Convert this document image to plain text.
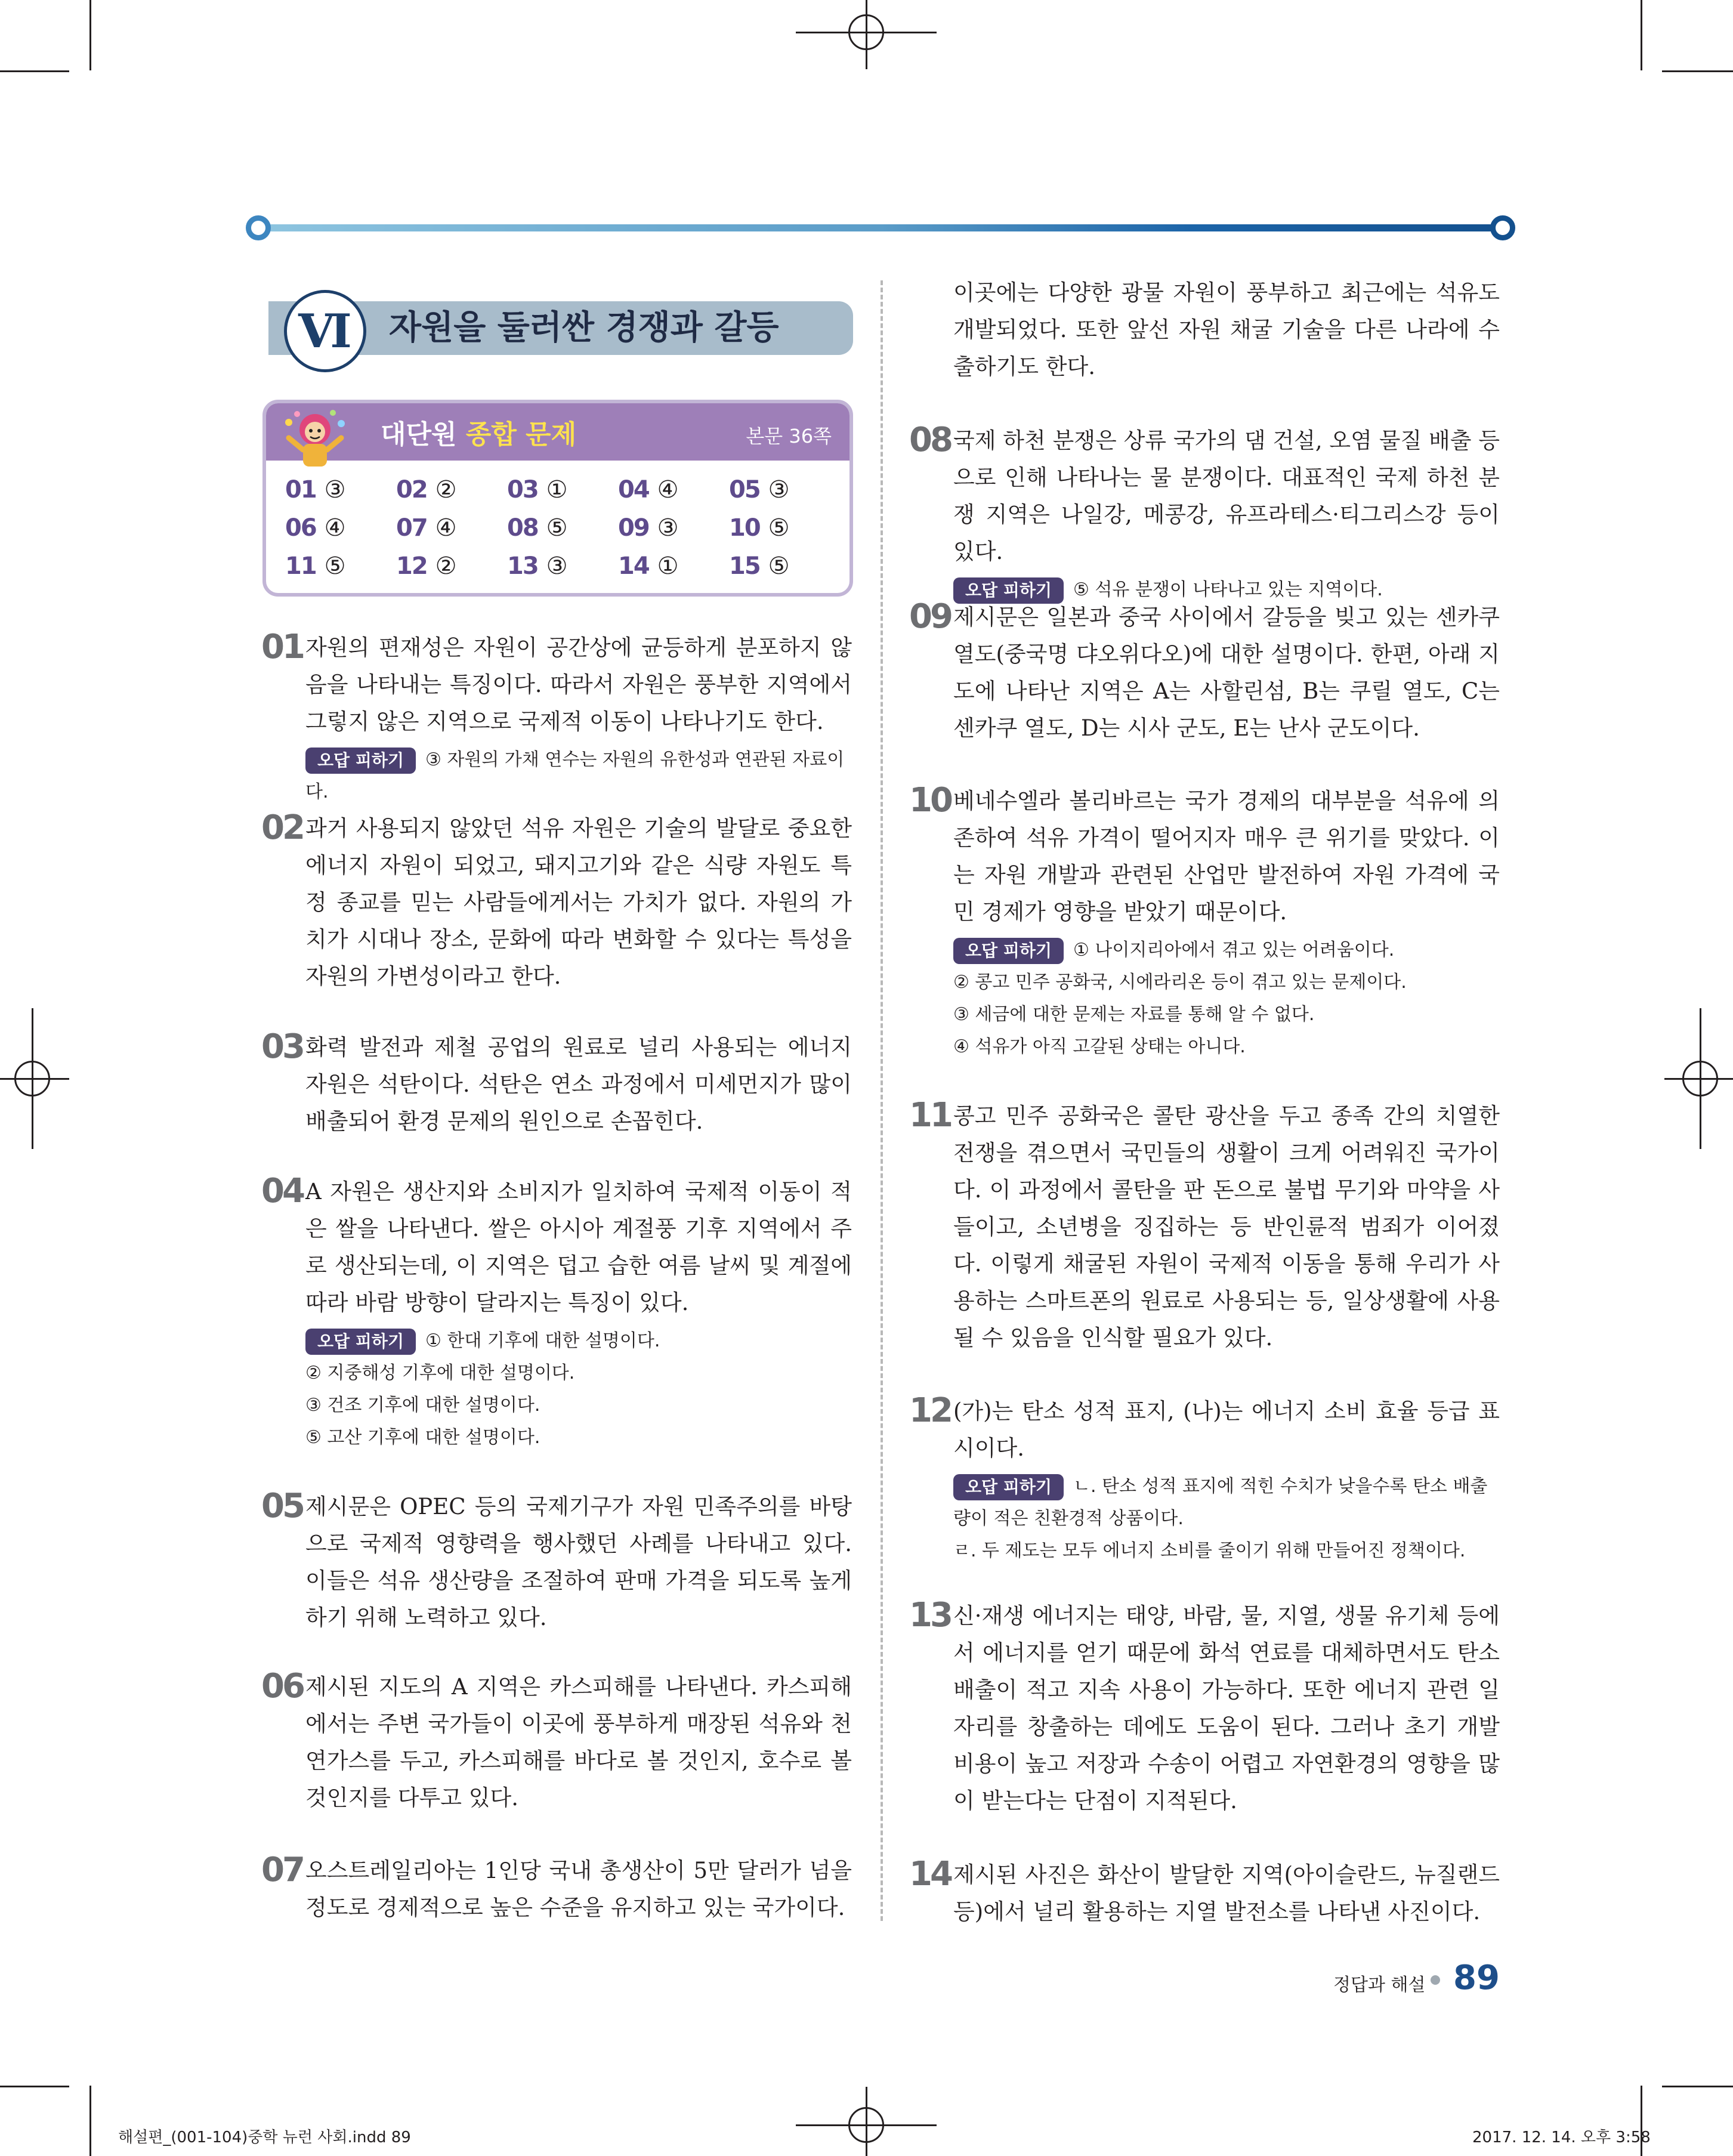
Ⅵ	자원을 둘러싼 경쟁과 갈등
대단원 종합 문제	본문 36쪽
01 ③	02 ②	03 ①	04 ④	05 ③
06 ④	07 ④	08 ⑤	09 ③	10 ⑤
11 ⑤	12 ②	13 ③	14 ①	15 ⑤
01 자원의 편재성은 자원이 공간상에 균등하게 분포하지 않음을 나타내는 특징이다. 따라서 자원은 풍부한 지역에서 그렇지 않은 지역으로 국제적 이동이 나타나기도 한다.
오답 피하기 ③ 자원의 가채 연수는 자원의 유한성과 연관된 자료이다.
02 과거 사용되지 않았던 석유 자원은 기술의 발달로 중요한 에너지 자원이 되었고, 돼지고기와 같은 식량 자원도 특정 종교를 믿는 사람들에게서는 가치가 없다. 자원의 가치가 시대나 장소, 문화에 따라 변화할 수 있다는 특성을 자원의 가변성이라고 한다.
03 화력 발전과 제철 공업의 원료로 널리 사용되는 에너지 자원은 석탄이다. 석탄은 연소 과정에서 미세먼지가 많이 배출되어 환경 문제의 원인으로 손꼽힌다.
04 A 자원은 생산지와 소비지가 일치하여 국제적 이동이 적은 쌀을 나타낸다. 쌀은 아시아 계절풍 기후 지역에서 주로 생산되는데, 이 지역은 덥고 습한 여름 날씨 및 계절에 따라 바람 방향이 달라지는 특징이 있다.
오답 피하기 ① 한대 기후에 대한 설명이다.
② 지중해성 기후에 대한 설명이다.
③ 건조 기후에 대한 설명이다.
⑤ 고산 기후에 대한 설명이다.
05 제시문은 OPEC 등의 국제기구가 자원 민족주의를 바탕으로 국제적 영향력을 행사했던 사례를 나타내고 있다. 이들은 석유 생산량을 조절하여 판매 가격을 되도록 높게 하기 위해 노력하고 있다.
06 제시된 지도의 A 지역은 카스피해를 나타낸다. 카스피해에서는 주변 국가들이 이곳에 풍부하게 매장된 석유와 천연가스를 두고, 카스피해를 바다로 볼 것인지, 호수로 볼 것인지를 다투고 있다.
07 오스트레일리아는 1인당 국내 총생산이 5만 달러가 넘을 정도로 경제적으로 높은 수준을 유지하고 있는 국가이다.
이곳에는 다양한 광물 자원이 풍부하고 최근에는 석유도 개발되었다. 또한 앞선 자원 채굴 기술을 다른 나라에 수출하기도 한다.
08 국제 하천 분쟁은 상류 국가의 댐 건설, 오염 물질 배출 등으로 인해 나타나는 물 분쟁이다. 대표적인 국제 하천 분쟁 지역은 나일강, 메콩강, 유프라테스·티그리스강 등이 있다.
오답 피하기 ⑤ 석유 분쟁이 나타나고 있는 지역이다.
09 제시문은 일본과 중국 사이에서 갈등을 빚고 있는 센카쿠 열도(중국명 댜오위다오)에 대한 설명이다. 한편, 아래 지도에 나타난 지역은 A는 사할린섬, B는 쿠릴 열도, C는 센카쿠 열도, D는 시사 군도, E는 난사 군도이다.
10 베네수엘라 볼리바르는 국가 경제의 대부분을 석유에 의존하여 석유 가격이 떨어지자 매우 큰 위기를 맞았다. 이는 자원 개발과 관련된 산업만 발전하여 자원 가격에 국민 경제가 영향을 받았기 때문이다.
오답 피하기 ① 나이지리아에서 겪고 있는 어려움이다.
② 콩고 민주 공화국, 시에라리온 등이 겪고 있는 문제이다.
③ 세금에 대한 문제는 자료를 통해 알 수 없다.
④ 석유가 아직 고갈된 상태는 아니다.
11 콩고 민주 공화국은 콜탄 광산을 두고 종족 간의 치열한 전쟁을 겪으면서 국민들의 생활이 크게 어려워진 국가이다. 이 과정에서 콜탄을 판 돈으로 불법 무기와 마약을 사들이고, 소년병을 징집하는 등 반인륜적 범죄가 이어졌다. 이렇게 채굴된 자원이 국제적 이동을 통해 우리가 사용하는 스마트폰의 원료로 사용되는 등, 일상생활에 사용될 수 있음을 인식할 필요가 있다.
12 (가)는 탄소 성적 표지, (나)는 에너지 소비 효율 등급 표시이다.
오답 피하기 ㄴ. 탄소 성적 표지에 적힌 수치가 낮을수록 탄소 배출량이 적은 친환경적 상품이다.
ㄹ. 두 제도는 모두 에너지 소비를 줄이기 위해 만들어진 정책이다.
13 신·재생 에너지는 태양, 바람, 물, 지열, 생물 유기체 등에서 에너지를 얻기 때문에 화석 연료를 대체하면서도 탄소 배출이 적고 지속 사용이 가능하다. 또한 에너지 관련 일자리를 창출하는 데에도 도움이 된다. 그러나 초기 개발 비용이 높고 저장과 수송이 어렵고 자연환경의 영향을 많이 받는다는 단점이 지적된다.
14 제시된 사진은 화산이 발달한 지역(아이슬란드, 뉴질랜드 등)에서 널리 활용하는 지열 발전소를 나타낸 사진이다.
정답과 해설 89
해설편_(001-104)중학 뉴런 사회.indd 89	2017. 12. 14. 오후 3:58
